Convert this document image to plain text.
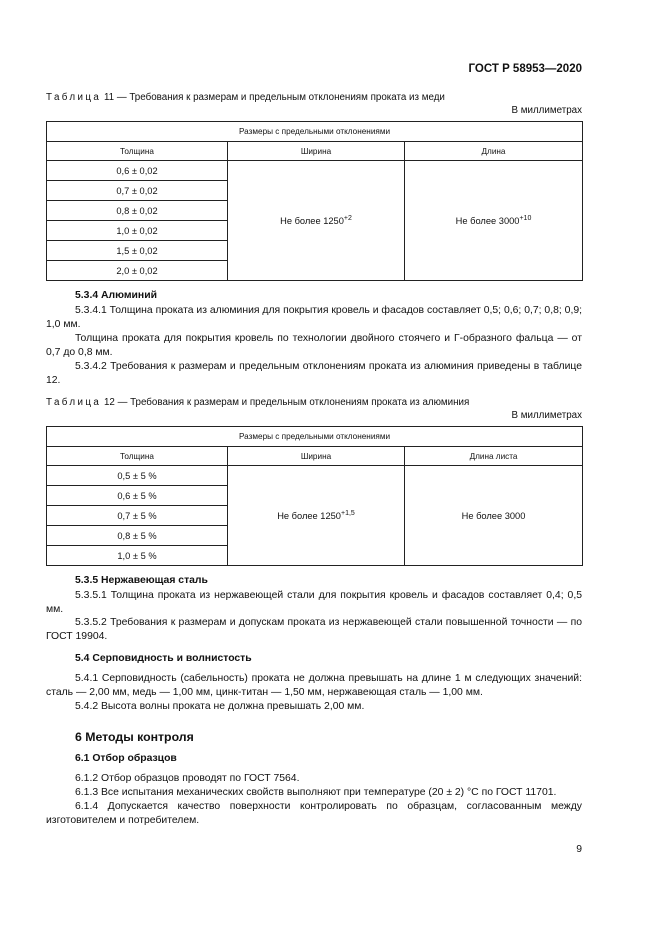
ГОСТ Р 58953—2020
Таблица 11 — Требования к размерам и предельным отклонениям проката из меди
В миллиметрах
Размеры с предельными отклонениями		
Толщина	Ширина	Длина
0,6 ± 0,02	Не более $1250^{+2}$	Не более $3000^{+10}$
0,7 ± 0,02		
0,8 ± 0,02		
1,0 ± 0,02		
1,5 ± 0,02		
2,0 ± 0,02		
5.3.4 Алюминий
5.3.4.1 Толщина проката из алюминия для покрытия кровель и фасадов составляет 0,5; 0,6; 0,7; 0,8; 0,9; 1,0 мм.
Толщина проката для покрытия кровель по технологии двойного стоячего и Г-образного фальца — от 0,7 до 0,8 мм.
5.3.4.2 Требования к размерам и предельным отклонениям проката из алюминия приведены в таблице 12.
Таблица 12 — Требования к размерам и предельным отклонениям проката из алюминия
В миллиметрах
Размеры с предельными отклонениями		
Толщина	Ширина	Длина листа
0,5 ± 5 %	Не более $1250^{+1,5}$	Не более 3000
0,6 ± 5 %		
0,7 ± 5 %		
0,8 ± 5 %		
1,0 ± 5 %		
5.3.5 Нержавеющая сталь
5.3.5.1 Толщина проката из нержавеющей стали для покрытия кровель и фасадов составляет 0,4; 0,5 мм.
5.3.5.2 Требования к размерам и допускам проката из нержавеющей стали повышенной точности — по ГОСТ 19904.
5.4 Серповидность и волнистость
5.4.1 Серповидность (сабельность) проката не должна превышать на длине 1 м следующих значений: сталь — 2,00 мм, медь — 1,00 мм, цинк-титан — 1,50 мм, нержавеющая сталь — 1,00 мм.
5.4.2 Высота волны проката не должна превышать 2,00 мм.
6 Методы контроля
6.1 Отбор образцов
6.1.2 Отбор образцов проводят по ГОСТ 7564.
6.1.3 Все испытания механических свойств выполняют при температуре (20 ± 2) °С по ГОСТ 11701.
6.1.4 Допускается качество поверхности контролировать по образцам, согласованным между изготовителем и потребителем.
9
